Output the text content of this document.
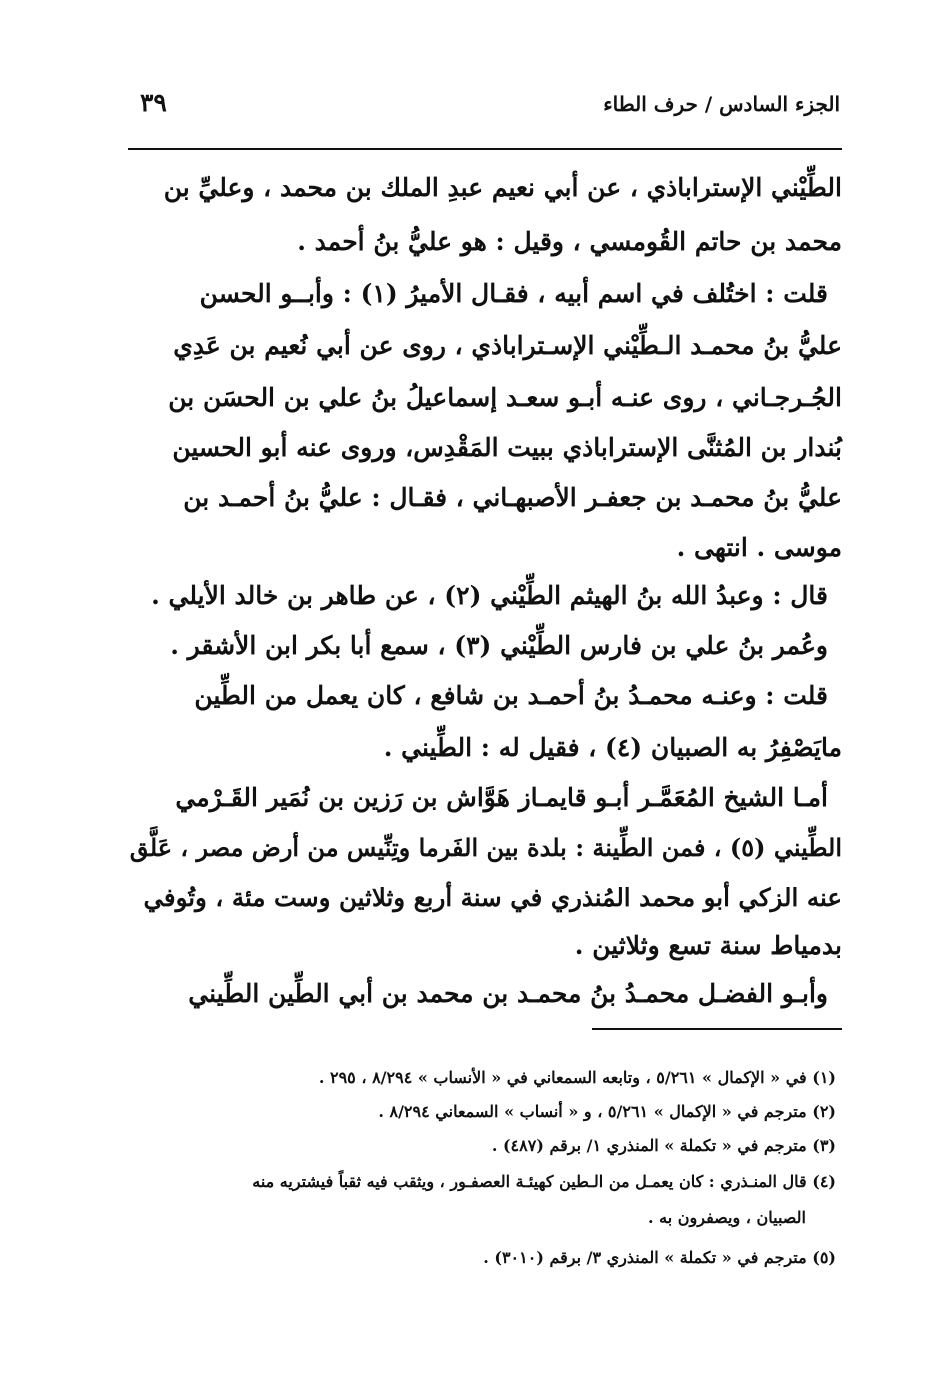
الجزء السادس / حرف الطاء
٣٩
الطِّيْني الإستراباذي ، عن أبي نعيم عبدِ الملك بن محمد ، وعليِّ بن
محمد بن حاتم القُومسي ، وقيل : هو عليُّ بنُ أحمد .
قلت : اختُلف في اسم أبيه ، فقـال الأميرُ (١) : وأبــو الحسن
عليُّ بنُ محمـد الـطِّيْني الإسـتراباذي ، روى عن أبي نُعيم بن عَدِي
الجُـرجـاني ، روى عنـه أبـو سعـد إسماعيلُ بنُ علي بن الحسَن بن
بُندار بن المُثنَّى الإستراباذي ببيت المَقْدِس، وروى عنه أبو الحسين
عليُّ بنُ محمـد بن جعفـر الأصبهـاني ، فقـال : عليُّ بنُ أحمـد بن
موسى . انتهى .
قال : وعبدُ الله بنُ الهيثم الطِّيْني (٢) ، عن طاهر بن خالد الأيلي .
وعُمر بنُ علي بن فارس الطِّيْني (٣) ، سمع أبا بكر ابن الأشقر .
قلت : وعنـه محمـدُ بنُ أحمـد بن شافع ، كان يعمل من الطِّين
مايَصْفِرُ به الصبيان (٤) ، فقيل له : الطِّيني .
أمـا الشيخ المُعَمَّـر أبـو قايمـاز هَوَّاش بن رَزين بن نُمَير القَـرْمي
الطِّيني (٥) ، فمن الطِّينة : بلدة بين الفَرما وتِنِّيس من أرض مصر ، عَلَّق
عنه الزكي أبو محمد المُنذري في سنة أربع وثلاثين وست مئة ، وتُوفي
بدمياط سنة تسع وثلاثين .
وأبـو الفضـل محمـدُ بنُ محمـد بن محمد بن أبي الطِّين الطِّيني
(١) في « الإكمال » ٥/٢٦١ ، وتابعه السمعاني في « الأنساب » ٨/٢٩٤ ، ٢٩٥ .
(٢) مترجم في « الإكمال » ٥/٢٦١ ، و « أنساب » السمعاني ٨/٢٩٤ .
(٣) مترجم في « تكملة » المنذري ١/ برقم (٤٨٧) .
(٤) قال المنـذري : كان يعمـل من الـطين كهيئـة العصفـور ، ويثقب فيه ثقباً فيشتريه منه
الصبيان ، ويصفرون به .
(٥) مترجم في « تكملة » المنذري ٣/ برقم (٣٠١٠) .
